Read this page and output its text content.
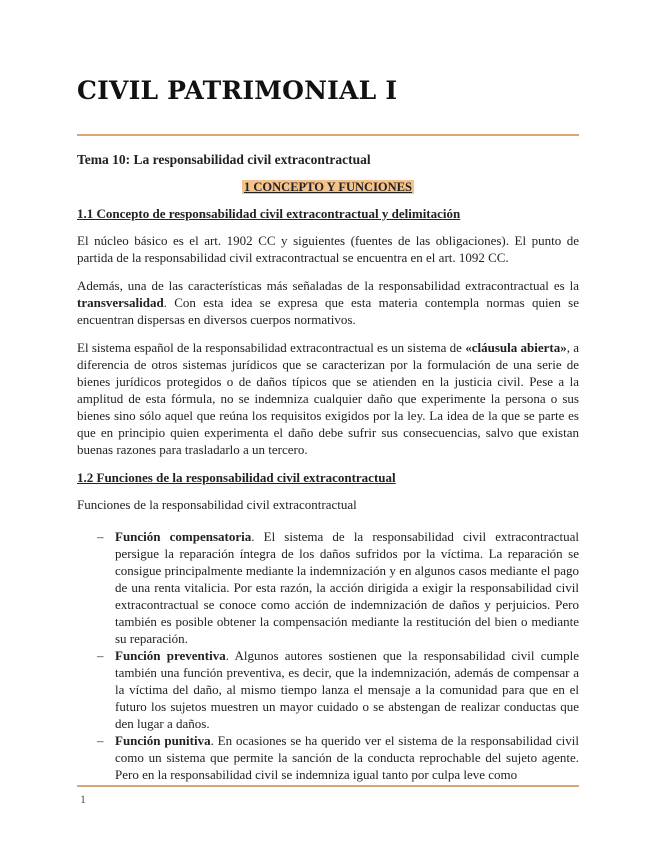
CIVIL PATRIMONIAL I
Tema 10: La responsabilidad civil extracontractual
1 CONCEPTO Y FUNCIONES
1.1 Concepto de responsabilidad civil extracontractual y delimitación

El núcleo básico es el art. 1902 CC y siguientes (fuentes de las obligaciones). El punto de partida de la responsabilidad civil extracontractual se encuentra en el art. 1092 CC.

Además, una de las características más señaladas de la responsabilidad extracontractual es la transversalidad. Con esta idea se expresa que esta materia contempla normas quien se encuentran dispersas en diversos cuerpos normativos.

El sistema español de la responsabilidad extracontractual es un sistema de «cláusula abierta», a diferencia de otros sistemas jurídicos que se caracterizan por la formulación de una serie de bienes jurídicos protegidos o de daños típicos que se atienden en la justicia civil. Pese a la amplitud de esta fórmula, no se indemniza cualquier daño que experimente la persona o sus bienes sino sólo aquel que reúna los requisitos exigidos por la ley. La idea de la que se parte es que en principio quien experimenta el daño debe sufrir sus consecuencias, salvo que existan buenas razones para trasladarlo a un tercero.

1.2 Funciones de la responsabilidad civil extracontractual

Funciones de la responsabilidad civil extracontractual

– Función compensatoria. El sistema de la responsabilidad civil extracontractual persigue la reparación íntegra de los daños sufridos por la víctima. La reparación se consigue principalmente mediante la indemnización y en algunos casos mediante el pago de una renta vitalicia. Por esta razón, la acción dirigida a exigir la responsabilidad civil extracontractual se conoce como acción de indemnización de daños y perjuicios. Pero también es posible obtener la compensación mediante la restitución del bien o mediante su reparación.
– Función preventiva. Algunos autores sostienen que la responsabilidad civil cumple también una función preventiva, es decir, que la indemnización, además de compensar a la víctima del daño, al mismo tiempo lanza el mensaje a la comunidad para que en el futuro los sujetos muestren un mayor cuidado o se abstengan de realizar conductas que den lugar a daños.
– Función punitiva. En ocasiones se ha querido ver el sistema de la responsabilidad civil como un sistema que permite la sanción de la conducta reprochable del sujeto agente. Pero en la responsabilidad civil se indemniza igual tanto por culpa leve como
1
